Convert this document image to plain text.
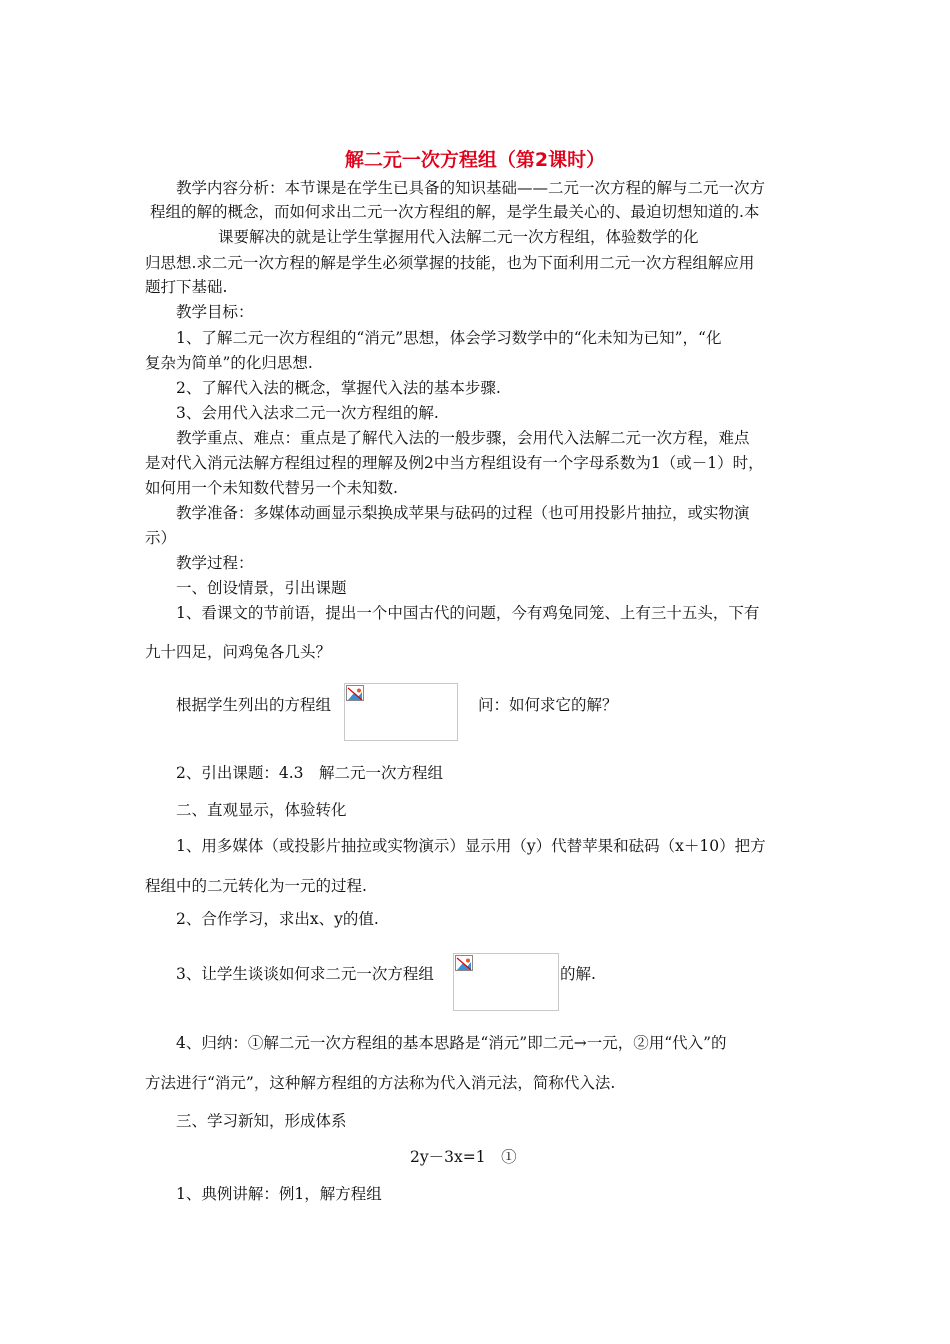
解二元一次方程组（第2课时）
教学内容分析：本节课是在学生已具备的知识基础——二元一次方程的解与二元一次方
程组的解的概念，而如何求出二元一次方程组的解，是学生最关心的、最迫切想知道的.本
课要解决的就是让学生掌握用代入法解二元一次方程组，体验数学的化
归思想.求二元一次方程的解是学生必须掌握的技能，也为下面利用二元一次方程组解应用
题打下基础.
教学目标：
1、了解二元一次方程组的“消元”思想，体会学习数学中的“化未知为已知”，“化
复杂为简单”的化归思想.
2、了解代入法的概念，掌握代入法的基本步骤.
3、会用代入法求二元一次方程组的解.
教学重点、难点：重点是了解代入法的一般步骤，会用代入法解二元一次方程，难点
是对代入消元法解方程组过程的理解及例2中当方程组设有一个字母系数为1（或－1）时，
如何用一个未知数代替另一个未知数.
教学准备：多媒体动画显示梨换成苹果与砝码的过程（也可用投影片抽拉，或实物演
示）
教学过程：
一、创设情景，引出课题
1、看课文的节前语，提出一个中国古代的问题，今有鸡兔同笼、上有三十五头，下有
九十四足，问鸡兔各几头？
根据学生列出的方程组	问：如何求它的解？
2、引出课题：4.3　解二元一次方程组
二、直观显示，体验转化
1、用多媒体（或投影片抽拉或实物演示）显示用（y）代替苹果和砝码（x＋10）把方
程组中的二元转化为一元的过程.
2、合作学习，求出x、y的值.
3、让学生谈谈如何求二元一次方程组	的解.
4、归纳：①解二元一次方程组的基本思路是“消元”即二元→一元，②用“代入”的
方法进行“消元”，这种解方程组的方法称为代入消元法，简称代入法.
三、学习新知，形成体系
2y－3x=1　①
1、典例讲解：例1，解方程组
